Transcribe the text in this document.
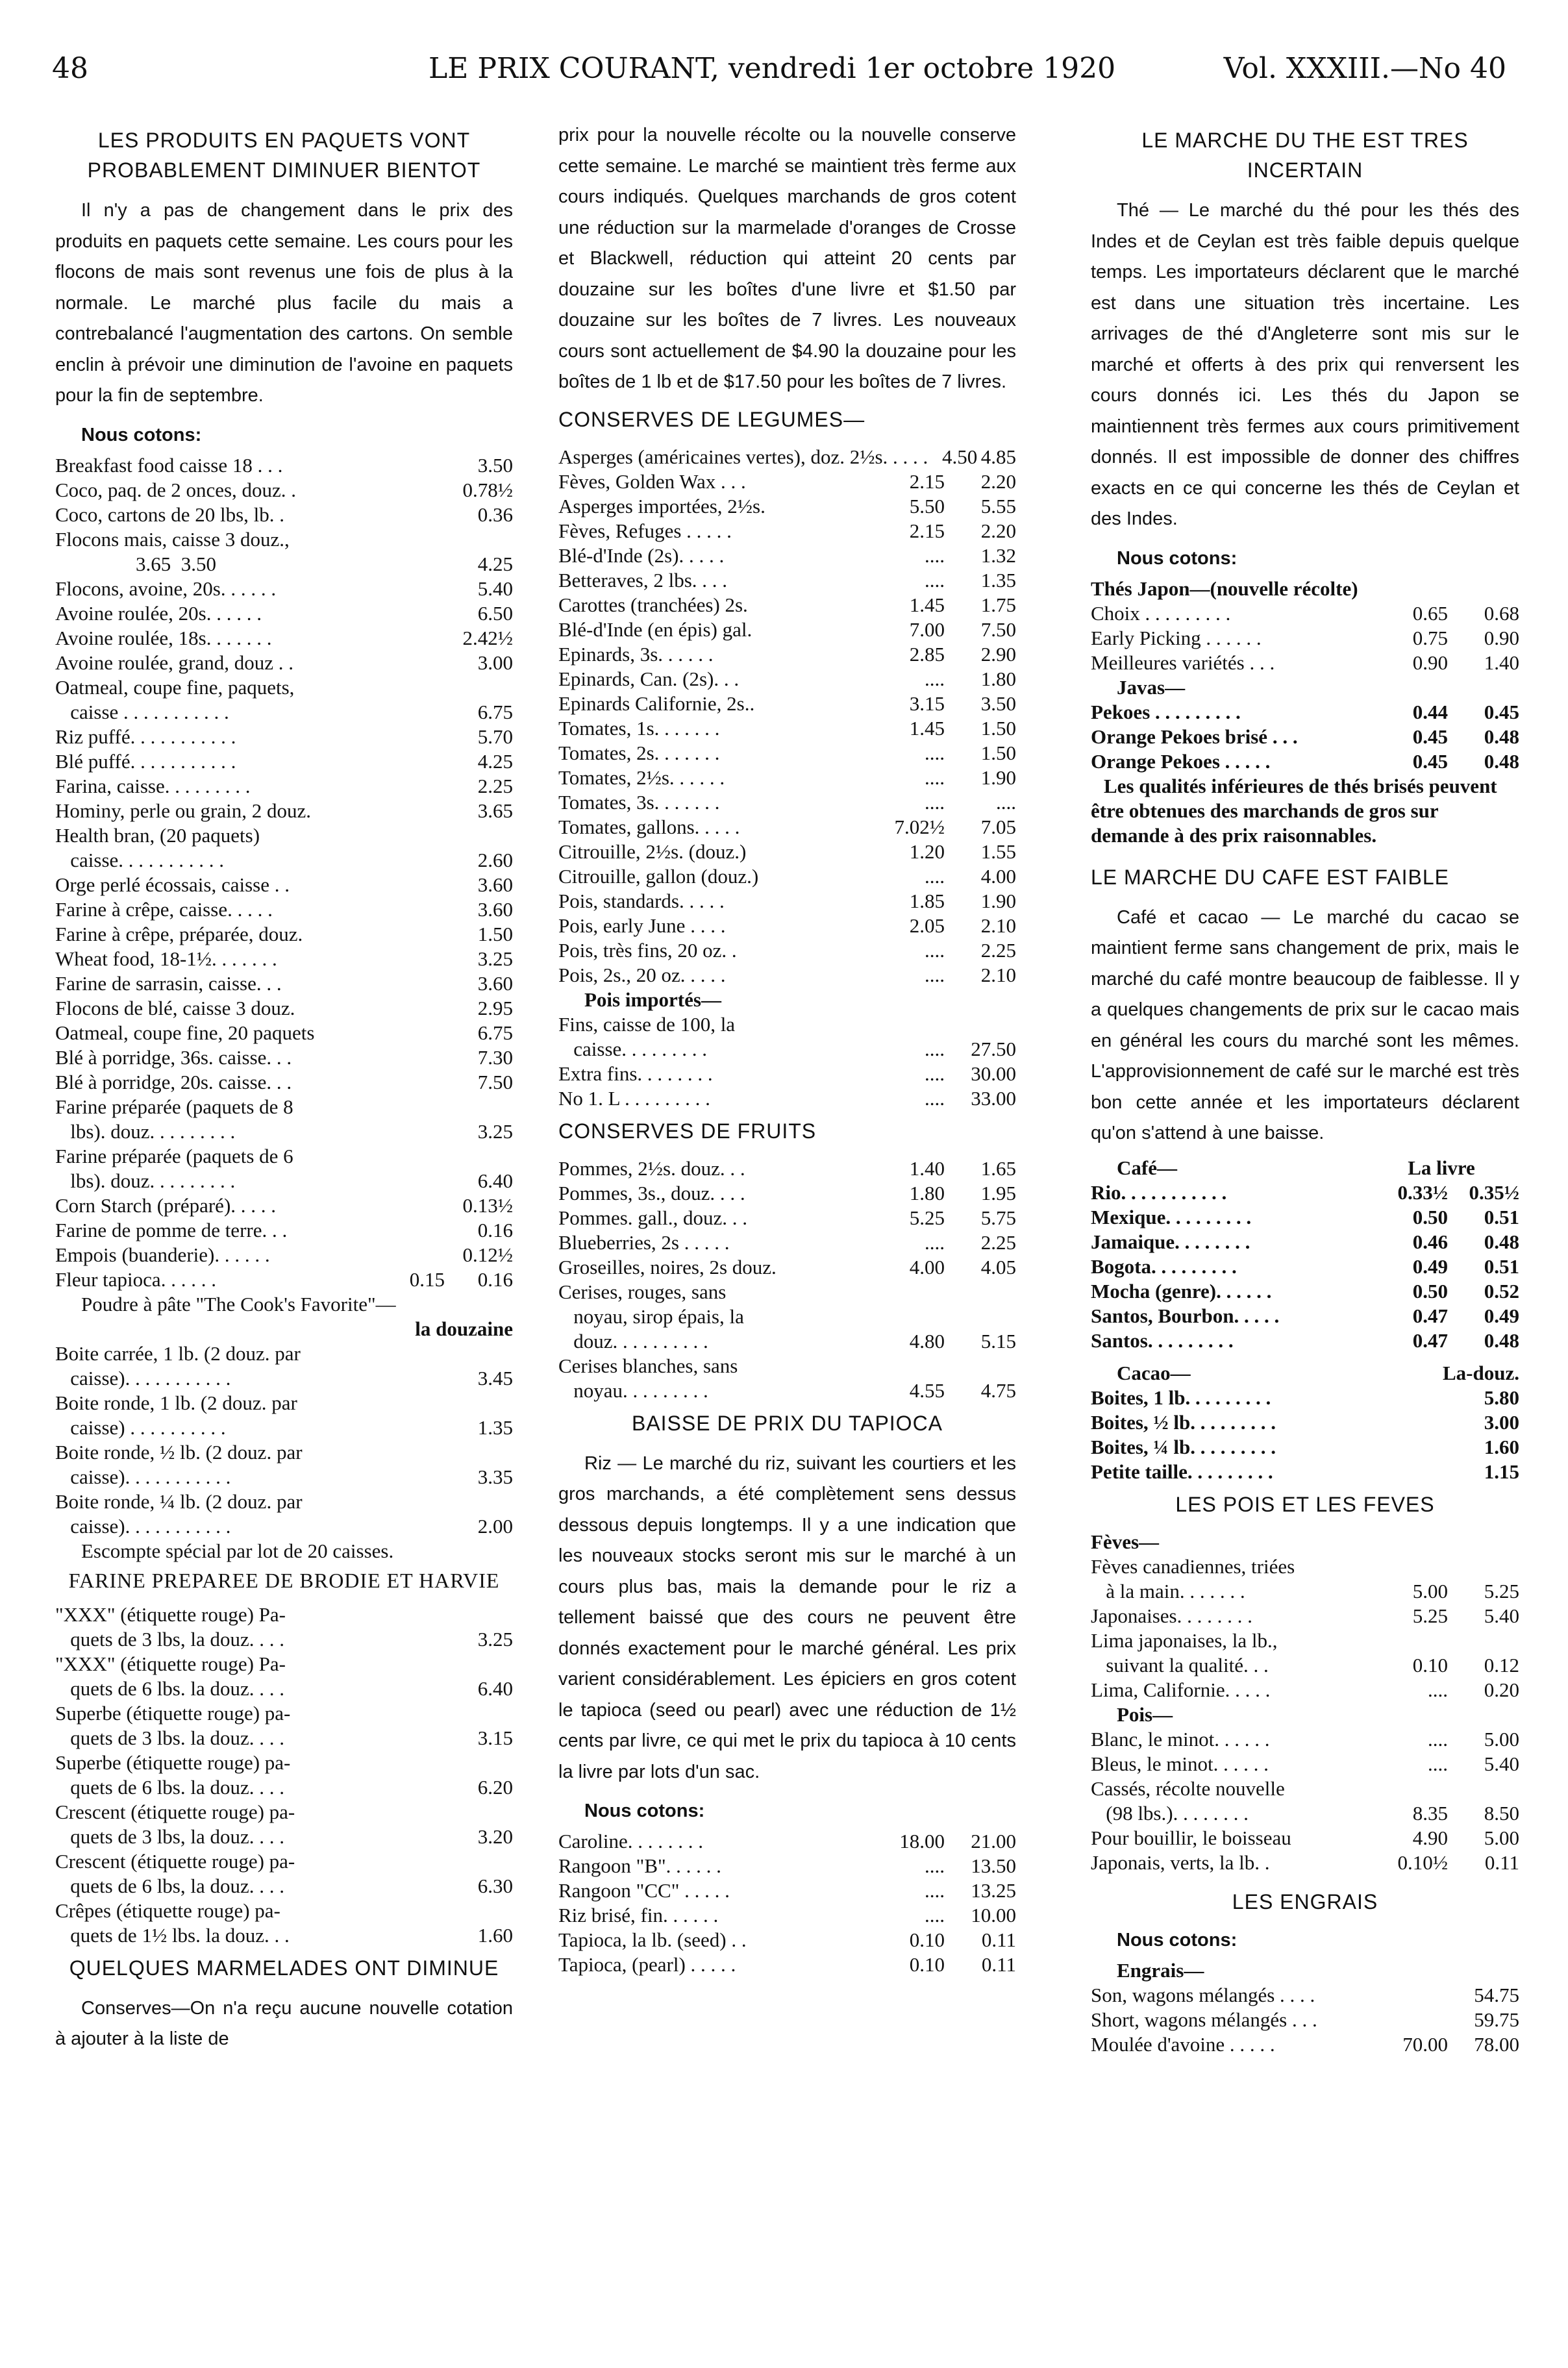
48	LE PRIX COURANT, vendredi 1er octobre 1920	Vol. XXXIII.—No 40
LES PRODUITS EN PAQUETS VONT PROBABLEMENT DIMINUER BIENTOT

Il n'y a pas de changement dans le prix des produits en paquets cette semaine. Les cours pour les flocons de mais sont revenus une fois de plus à la normale. Le marché plus facile du mais a contrebalancé l'augmentation des cartons. On semble enclin à prévoir une diminution de l'avoine en paquets pour la fin de septembre.

Nous cotons:
Breakfast food caisse 18 . . .	3.50
Coco, paq. de 2 onces, douz. .	0.78½
Coco, cartons de 20 lbs, lb. .	0.36
Flocons mais, caisse 3 douz.,
3.65  3.50	4.25
Flocons, avoine, 20s. . . . . .	5.40
Avoine roulée, 20s. . . . . .	6.50
Avoine roulée, 18s. . . . . . .	2.42½
Avoine roulée, grand, douz . .	3.00
Oatmeal, coupe fine, paquets,
caisse . . . . . . . . . . .	6.75
Riz puffé. . . . . . . . . . .	5.70
Blé puffé. . . . . . . . . . .	4.25
Farina, caisse. . . . . . . . .	2.25
Hominy, perle ou grain, 2 douz.	3.65
Health bran, (20 paquets)
caisse. . . . . . . . . . .	2.60
Orge perlé écossais, caisse . .	3.60
Farine à crêpe, caisse. . . . .	3.60
Farine à crêpe, préparée, douz.	1.50
Wheat food, 18-1½. . . . . . .	3.25
Farine de sarrasin, caisse. . .	3.60
Flocons de blé, caisse 3 douz.	2.95
Oatmeal, coupe fine, 20 paquets	6.75
Blé à porridge, 36s. caisse. . .	7.30
Blé à porridge, 20s. caisse. . .	7.50
Farine préparée (paquets de 8
lbs). douz. . . . . . . . .	3.25
Farine préparée (paquets de 6
lbs). douz. . . . . . . . .	6.40
Corn Starch (préparé). . . . .	0.13½
Farine de pomme de terre. . .	0.16
Empois (buanderie). . . . . .	0.12½
Fleur tapioca. . . . . .	0.15	0.16
Poudre à pâte "The Cook's Favorite"—
la douzaine
Boite carrée, 1 lb. (2 douz. par
caisse). . . . . . . . . . .	3.45
Boite ronde, 1 lb. (2 douz. par
caisse) . . . . . . . . . .	1.35
Boite ronde, ½ lb. (2 douz. par
caisse). . . . . . . . . . .	3.35
Boite ronde, ¼ lb. (2 douz. par
caisse). . . . . . . . . . .	2.00
Escompte spécial par lot de 20 caisses.
FARINE PREPAREE DE BRODIE ET HARVIE
"XXX" (étiquette rouge) Pa-
quets de 3 lbs, la douz. . . .	3.25
"XXX" (étiquette rouge) Pa-
quets de 6 lbs. la douz. . . .	6.40
Superbe (étiquette rouge) pa-
quets de 3 lbs. la douz. . . .	3.15
Superbe (étiquette rouge) pa-
quets de 6 lbs. la douz. . . .	6.20
Crescent (étiquette rouge) pa-
quets de 3 lbs, la douz. . . .	3.20
Crescent (étiquette rouge) pa-
quets de 6 lbs, la douz. . . .	6.30
Crêpes (étiquette rouge) pa-
quets de 1½ lbs. la douz. . .	1.60
QUELQUES MARMELADES ONT DIMINUE

Conserves—On n'a reçu aucune nouvelle cotation à ajouter à la liste de

prix pour la nouvelle récolte ou la nouvelle conserve cette semaine. Le marché se maintient très ferme aux cours indiqués. Quelques marchands de gros cotent une réduction sur la marmelade d'oranges de Crosse et Blackwell, réduction qui atteint 20 cents par douzaine sur les boîtes d'une livre et $1.50 par douzaine sur les boîtes de 7 livres. Les nouveaux cours sont actuellement de $4.90 la douzaine pour les boîtes de 1 lb et de $17.50 pour les boîtes de 7 livres.

CONSERVES DE LEGUMES—
Asperges (américaines vertes), doz. 2½s. . . . . 4.50 4.85
Fèves, Golden Wax . . .	2.15	2.20
Asperges importées, 2½s.	5.50	5.55
Fèves, Refuges . . . . .	2.15	2.20
Blé-d'Inde (2s). . . . .	....	1.32
Betteraves, 2 lbs. . . .	....	1.35
Carottes (tranchées) 2s.	1.45	1.75
Blé-d'Inde (en épis) gal.	7.00	7.50
Epinards, 3s. . . . . .	2.85	2.90
Epinards, Can. (2s). . .	....	1.80
Epinards Californie, 2s..	3.15	3.50
Tomates, 1s. . . . . . .	1.45	1.50
Tomates, 2s. . . . . . .	....	1.50
Tomates, 2½s. . . . . .	....	1.90
Tomates, 3s. . . . . . .	....	....
Tomates, gallons. . . . .	7.02½	7.05
Citrouille, 2½s. (douz.)	1.20	1.55
Citrouille, gallon (douz.)	....	4.00
Pois, standards. . . . .	1.85	1.90
Pois, early June . . . .	2.05	2.10
Pois, très fins, 20 oz. .	....	2.25
Pois, 2s., 20 oz. . . . .	....	2.10
Pois importés—
Fins, caisse de 100, la
caisse. . . . . . . . .	....	27.50
Extra fins. . . . . . . .	....	30.00
No 1. L . . . . . . . . .	....	33.00
CONSERVES DE FRUITS
Pommes, 2½s. douz. . .	1.40	1.65
Pommes, 3s., douz. . . .	1.80	1.95
Pommes. gall., douz. . .	5.25	5.75
Blueberries, 2s . . . . .	....	2.25
Groseilles, noires, 2s douz.	4.00	4.05
Cerises, rouges, sans
noyau, sirop épais, la
douz. . . . . . . . . .	4.80	5.15
Cerises blanches, sans
noyau. . . . . . . . .	4.55	4.75
BAISSE DE PRIX DU TAPIOCA

Riz — Le marché du riz, suivant les courtiers et les gros marchands, a été complètement sens dessus dessous depuis longtemps. Il y a une indication que les nouveaux stocks seront mis sur le marché à un cours plus bas, mais la demande pour le riz a tellement baissé que des cours ne peuvent être donnés exactement pour le marché général. Les prix varient considérablement. Les épiciers en gros cotent le tapioca (seed ou pearl) avec une réduction de 1½ cents par livre, ce qui met le prix du tapioca à 10 cents la livre par lots d'un sac.

Nous cotons:
Caroline. . . . . . . .	18.00	21.00
Rangoon "B". . . . . .	....	13.50
Rangoon "CC" . . . . .	....	13.25
Riz brisé, fin. . . . . .	....	10.00
Tapioca, la lb. (seed) . .	0.10	0.11
Tapioca, (pearl) . . . . .	0.10	0.11
LE MARCHE DU THE EST TRES INCERTAIN

Thé — Le marché du thé pour les thés des Indes et de Ceylan est très faible depuis quelque temps. Les importateurs déclarent que le marché est dans une situation très incertaine. Les arrivages de thé d'Angleterre sont mis sur le marché et offerts à des prix qui renversent les cours donnés ici. Les thés du Japon se maintiennent très fermes aux cours primitivement donnés. Il est impossible de donner des chiffres exacts en ce qui concerne les thés de Ceylan et des Indes.

Nous cotons:
Thés Japon—(nouvelle récolte)
Choix . . . . . . . . .	0.65	0.68
Early Picking . . . . . .	0.75	0.90
Meilleures variétés . . .	0.90	1.40
Javas—
Pekoes . . . . . . . . .	0.44	0.45
Orange Pekoes brisé . . .	0.45	0.48
Orange Pekoes . . . . .	0.45	0.48
Les qualités inférieures de thés brisés peuvent être obtenues des marchands de gros sur demande à des prix raisonnables.
LE MARCHE DU CAFE EST FAIBLE

Café et cacao — Le marché du cacao se maintient ferme sans changement de prix, mais le marché du café montre beaucoup de faiblesse. Il y a quelques changements de prix sur le cacao mais en général les cours du marché sont les mêmes. L'approvisionnement de café sur le marché est très bon cette année et les importateurs déclarent qu'on s'attend à une baisse.

Café—	La livre
Rio. . . . . . . . . . .	0.33½	0.35½
Mexique. . . . . . . . .	0.50	0.51
Jamaique. . . . . . . .	0.46	0.48
Bogota. . . . . . . . .	0.49	0.51
Mocha (genre). . . . . .	0.50	0.52
Santos, Bourbon. . . . .	0.47	0.49
Santos. . . . . . . . .	0.47	0.48
Cacao—	La-douz.
Boites, 1 lb. . . . . . . . .	5.80
Boites, ½ lb. . . . . . . . .	3.00
Boites, ¼ lb. . . . . . . . .	1.60
Petite taille. . . . . . . . .	1.15
LES POIS ET LES FEVES
Fèves—
Fèves canadiennes, triées
à la main. . . . . . .	5.00	5.25
Japonaises. . . . . . . .	5.25	5.40
Lima japonaises, la lb.,
suivant la qualité. . .	0.10	0.12
Lima, Californie. . . . .	....	0.20
Pois—
Blanc, le minot. . . . . .	....	5.00
Bleus, le minot. . . . . .	....	5.40
Cassés, récolte nouvelle
(98 lbs.). . . . . . . .	8.35	8.50
Pour bouillir, le boisseau	4.90	5.00
Japonais, verts, la lb. .	0.10½	0.11
LES ENGRAIS
Nous cotons:
Engrais—
Son, wagons mélangés . . . .	54.75
Short, wagons mélangés . . .	59.75
Moulée d'avoine . . . . .	70.00	78.00
